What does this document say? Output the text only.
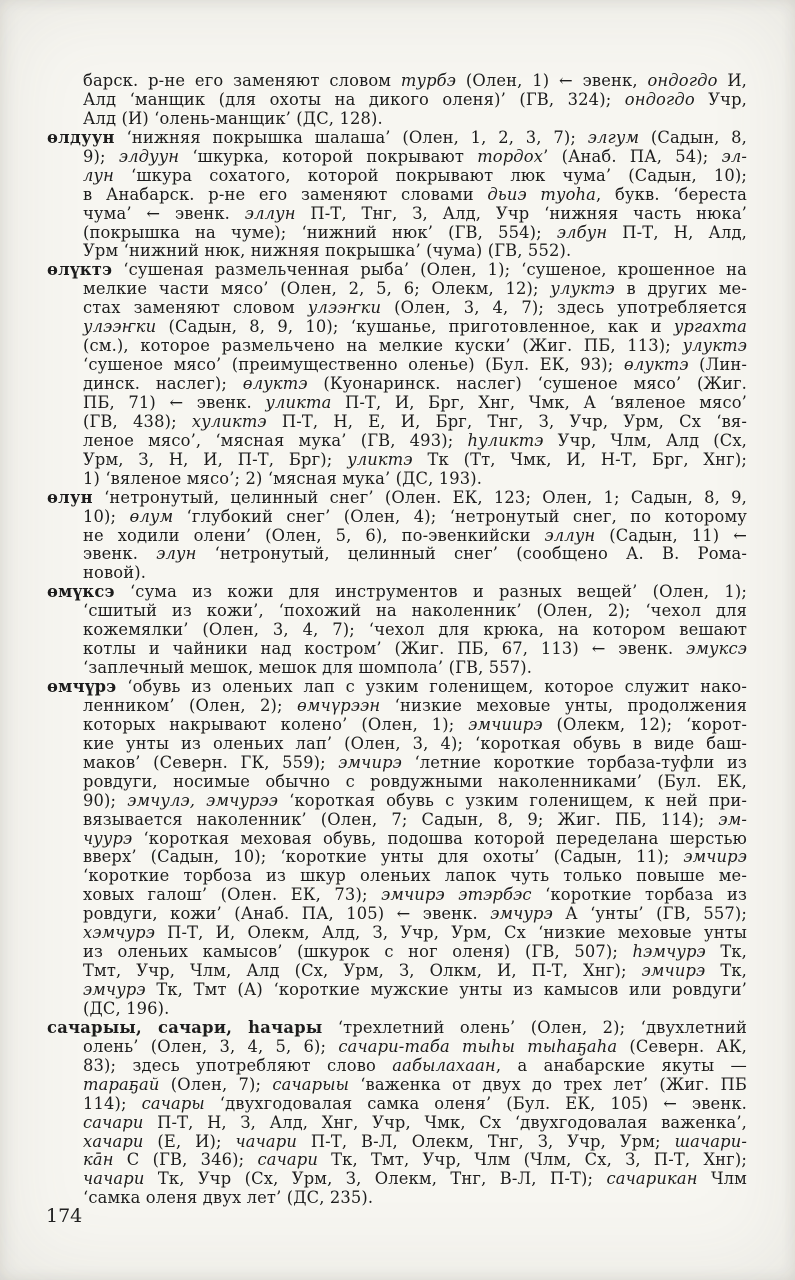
барск. р-не его заменяют словом турбэ (Олен, 1) ← эвенк, ондогдо И,
Алд ‘манщик (для охоты на дикого оленя)’ (ГВ, 324); ондогдо Учр,
Алд (И) ‘олень-манщик’ (ДС, 128).
өлдуун ‘нижняя покрышка шалаша’ (Олен, 1, 2, 3, 7); элгум (Садын, 8,
9); элдуун ‘шкурка, которой покрывают тордох’ (Анаб. ПА, 54); эл-
лун ‘шкура сохатого, которой покрывают люк чума’ (Садын, 10);
в Анабарск. р-не его заменяют словами дьиэ туоһа, букв. ‘береста
чума’ ← эвенк. эллун П-Т, Тнг, З, Алд, Учр ‘нижняя часть нюка’
(покрышка на чуме); ‘нижний нюк’ (ГВ, 554); элбун П-Т, Н, Алд,
Урм ‘нижний нюк, нижняя покрышка’ (чума) (ГВ, 552).
өлүктэ ‘сушеная размельченная рыба’ (Олен, 1); ‘сушеное, крошенное на
мелкие части мясо’ (Олен, 2, 5, 6; Олекм, 12); улуктэ в других ме-
стах заменяют словом улээҥки (Олен, 3, 4, 7); здесь употребляется
улээҥки (Садын, 8, 9, 10); ‘кушанье, приготовленное, как и ургахта
(см.), которое размельчено на мелкие куски’ (Жиг. ПБ, 113); улуктэ
‘сушеное мясо’ (преимущественно оленье) (Бул. ЕК, 93); өлуктэ (Лин-
динск. наслег); өлуктэ (Куонаринск. наслег) ‘сушеное мясо’ (Жиг.
ПБ, 71) ← эвенк. уликта П-Т, И, Брг, Хнг, Чмк, А ‘вяленое мясо’
(ГВ, 438); хуликтэ П-Т, Н, Е, И, Брг, Тнг, З, Учр, Урм, Сх ‘вя-
леное мясо’, ‘мясная мука’ (ГВ, 493); һуликтэ Учр, Члм, Алд (Сх,
Урм, З, Н, И, П-Т, Брг); уликтэ Тк (Тт, Чмк, И, Н-Т, Брг, Хнг);
1) ‘вяленое мясо’; 2) ‘мясная мука’ (ДС, 193).
өлун ‘нетронутый, целинный снег’ (Олен. ЕК, 123; Олен, 1; Садын, 8, 9,
10); өлум ‘глубокий снег’ (Олен, 4); ‘нетронутый снег, по которому
не ходили олени’ (Олен, 5, 6), по-эвенкийски эллун (Садын, 11) ←
эвенк. элун ‘нетронутый, целинный снег’ (сообщено А. В. Рома-
новой).
өмүксэ ‘сума из кожи для инструментов и разных вещей’ (Олен, 1);
‘сшитый из кожи’, ‘похожий на наколенник’ (Олен, 2); ‘чехол для
кожемялки’ (Олен, 3, 4, 7); ‘чехол для крюка, на котором вешают
котлы и чайники над костром’ (Жиг. ПБ, 67, 113) ← эвенк. эмуксэ
‘заплечный мешок, мешок для шомпола’ (ГВ, 557).
өмчүрэ ‘обувь из оленьих лап с узким голенищем, которое служит нако-
ленником’ (Олен, 2); өмчүрээн ‘низкие меховые унты, продолжения
которых накрывают колено’ (Олен, 1); эмчиирэ (Олекм, 12); ‘корот-
кие унты из оленьих лап’ (Олен, 3, 4); ‘короткая обувь в виде баш-
маков’ (Северн. ГК, 559); эмчирэ ‘летние короткие торбаза-туфли из
ровдуги, носимые обычно с ровдужными наколенниками’ (Бул. ЕК,
90); эмчулэ, эмчурээ ‘короткая обувь с узким голенищем, к ней при-
вязывается наколенник’ (Олен, 7; Садын, 8, 9; Жиг. ПБ, 114); эм-
чуурэ ‘короткая меховая обувь, подошва которой переделана шерстью
вверх’ (Садын, 10); ‘короткие унты для охоты’ (Садын, 11); эмчирэ
‘короткие торбоза из шкур оленьих лапок чуть только повыше ме-
ховых галош’ (Олен. ЕК, 73); эмчирэ этэрбэс ‘короткие торбаза из
ровдуги, кожи’ (Анаб. ПА, 105) ← эвенк. эмчурэ А ‘унты’ (ГВ, 557);
хэмчурэ П-Т, И, Олекм, Алд, З, Учр, Урм, Сх ‘низкие меховые унты
из оленьих камысов’ (шкурок с ног оленя) (ГВ, 507); һэмчурэ Тк,
Тмт, Учр, Члм, Алд (Сх, Урм, З, Олкм, И, П-Т, Хнг); эмчирэ Тк,
эмчурэ Тк, Тмт (А) ‘короткие мужские унты из камысов или ровдуги’
(ДС, 196).
сачарыы, сачари, һачары ‘трехлетний олень’ (Олен, 2); ‘двухлетний
олень’ (Олен, 3, 4, 5, 6); сачари-таба тыһы тыһаҕаһа (Северн. АК,
83); здесь употребляют слово аабылахаан, а анабарские якуты —
тараҕай (Олен, 7); сачарыы ‘важенка от двух до трех лет’ (Жиг. ПБ
114); сачары ‘двухгодовалая самка оленя’ (Бул. ЕК, 105) ← эвенк.
сачари П-Т, Н, З, Алд, Хнг, Учр, Чмк, Сх ‘двухгодовалая важенка’,
хачари (Е, И); чачари П-Т, В-Л, Олекм, Тнг, З, Учр, Урм; шачари-
кāн С (ГВ, 346); сачари Тк, Тмт, Учр, Члм (Члм, Сх, З, П-Т, Хнг);
чачари Тк, Учр (Сх, Урм, З, Олекм, Тнг, В-Л, П-Т); сачарикан Члм
‘самка оленя двух лет’ (ДС, 235).
174
